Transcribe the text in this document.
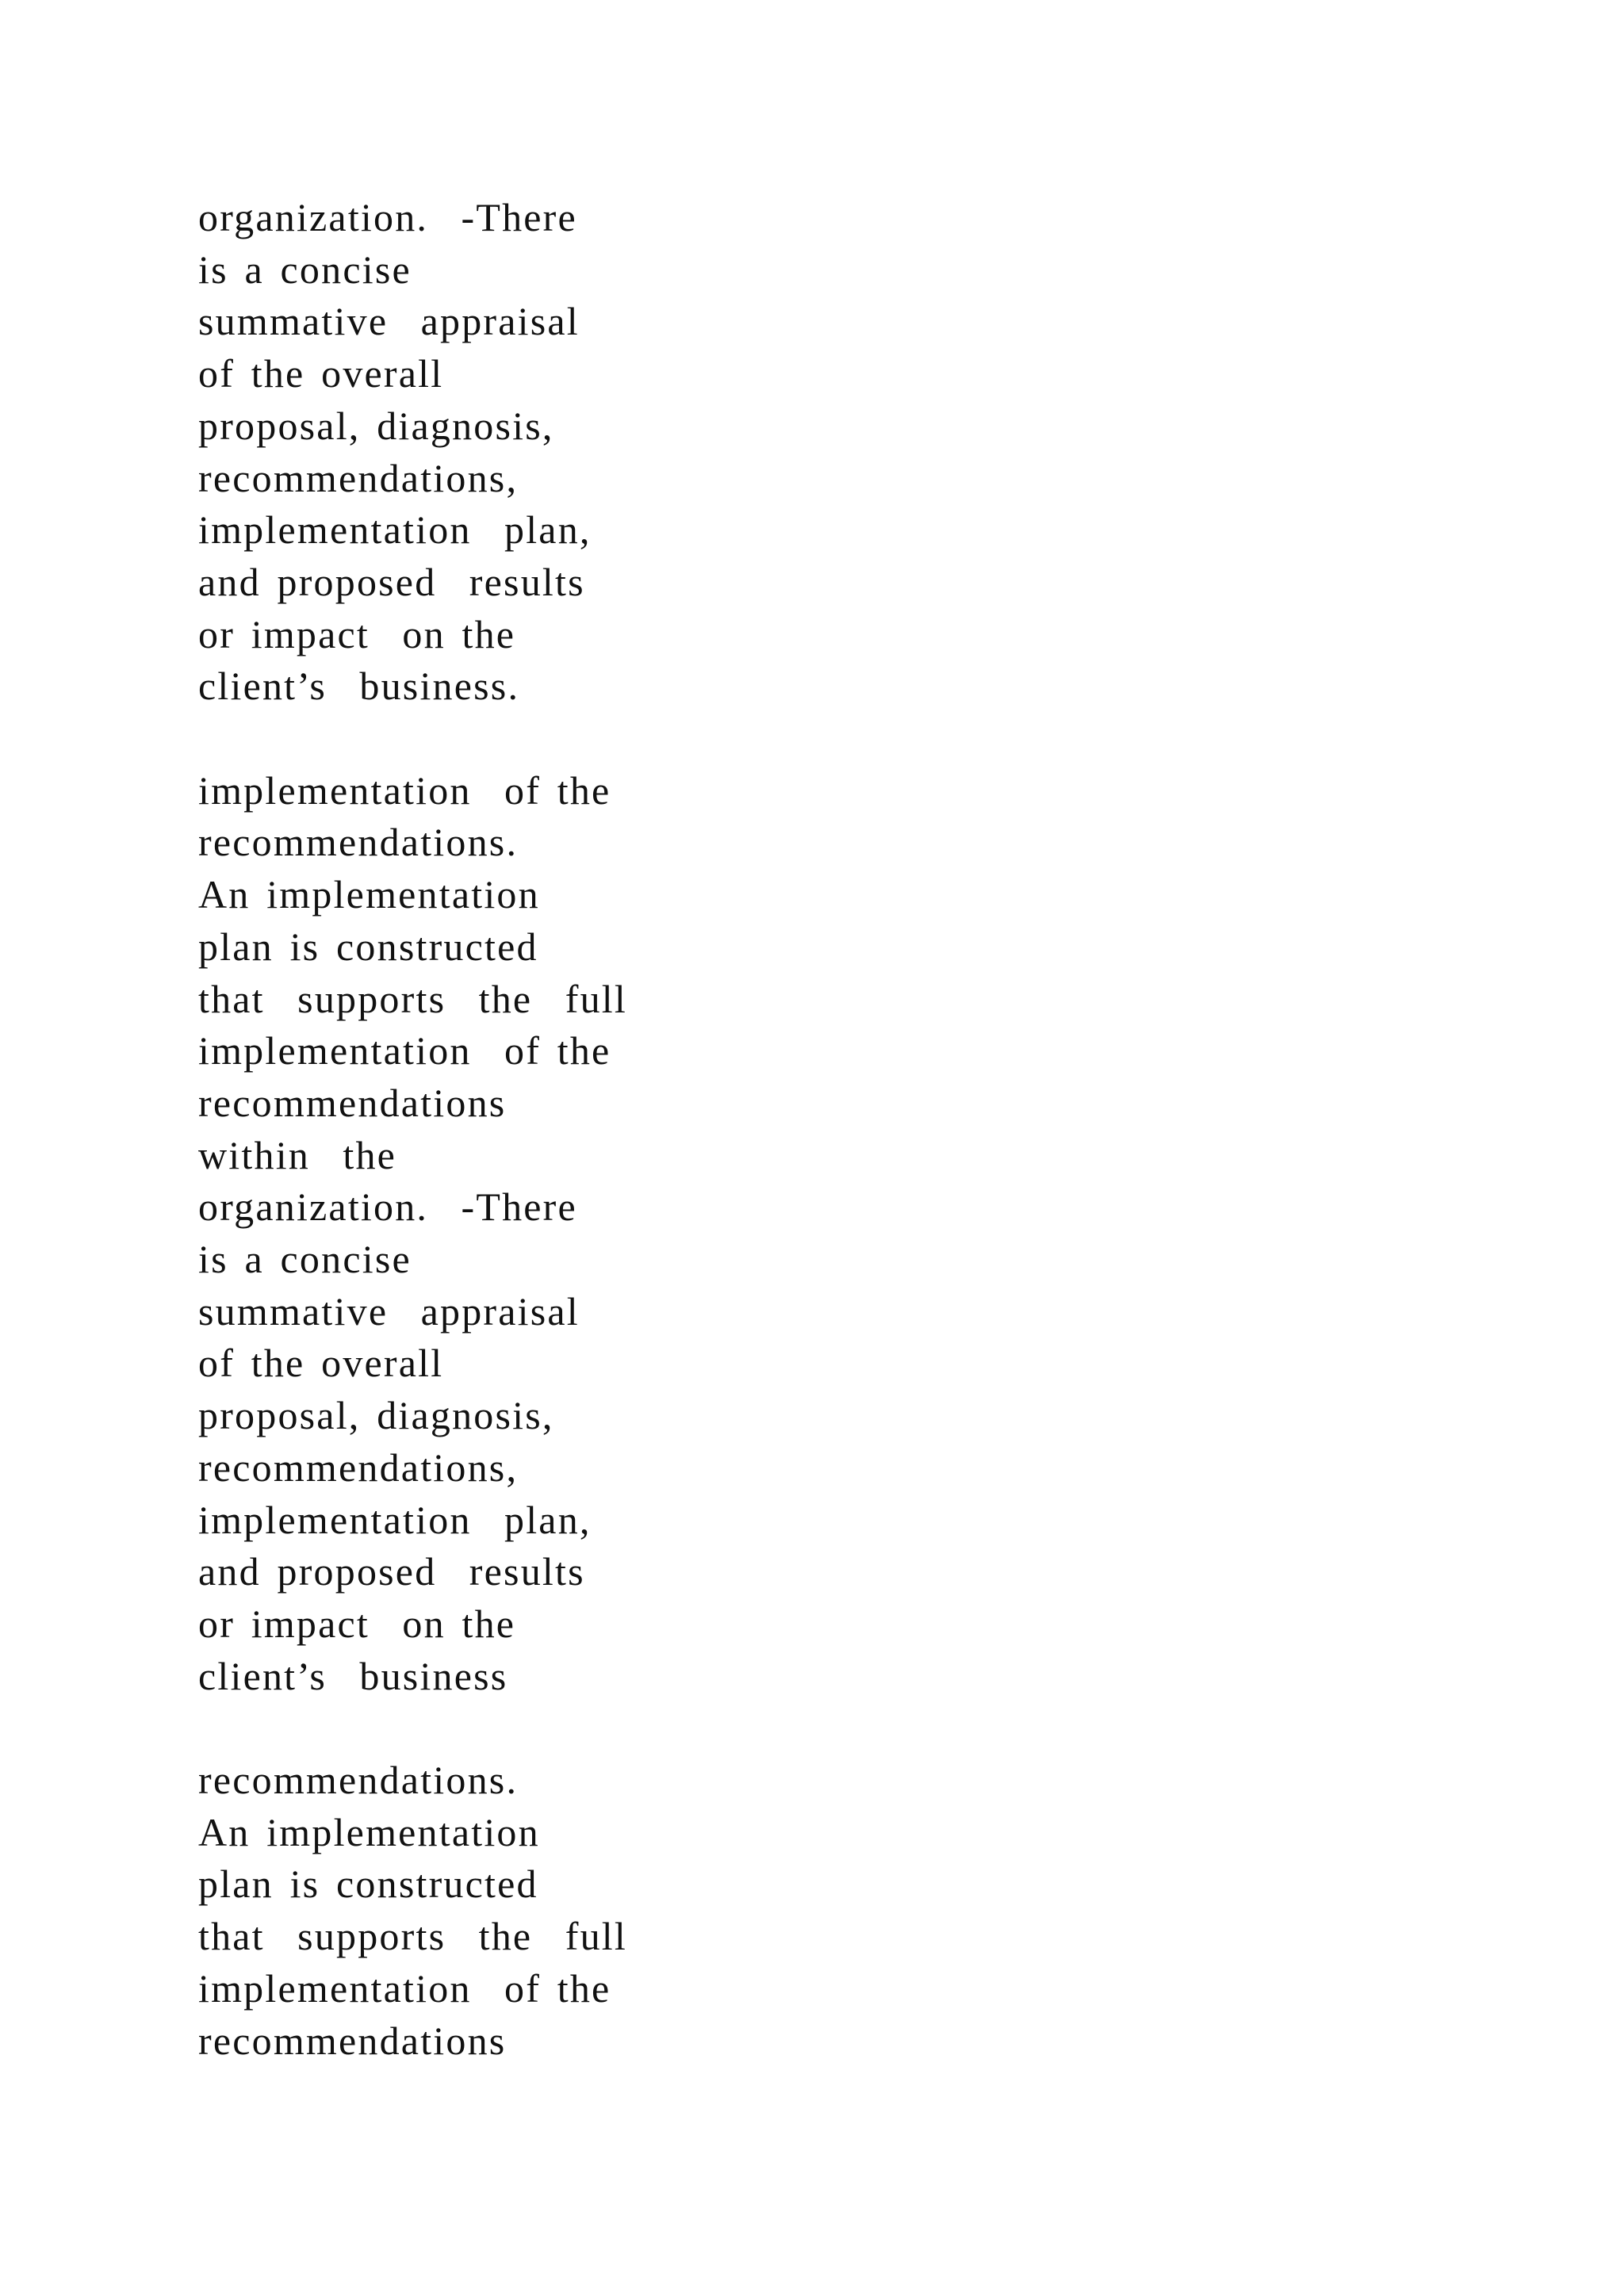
organization.  -There
is a concise
summative  appraisal
of the overall
proposal, diagnosis,
recommendations,
implementation  plan,
and proposed  results
or impact  on the
client’s  business.

implementation  of the
recommendations.
An implementation
plan is constructed
that  supports  the  full
implementation  of the
recommendations
within  the
organization.  -There
is a concise
summative  appraisal
of the overall
proposal, diagnosis,
recommendations,
implementation  plan,
and proposed  results
or impact  on the
client’s  business

recommendations.
An implementation
plan is constructed
that  supports  the  full
implementation  of the
recommendations
